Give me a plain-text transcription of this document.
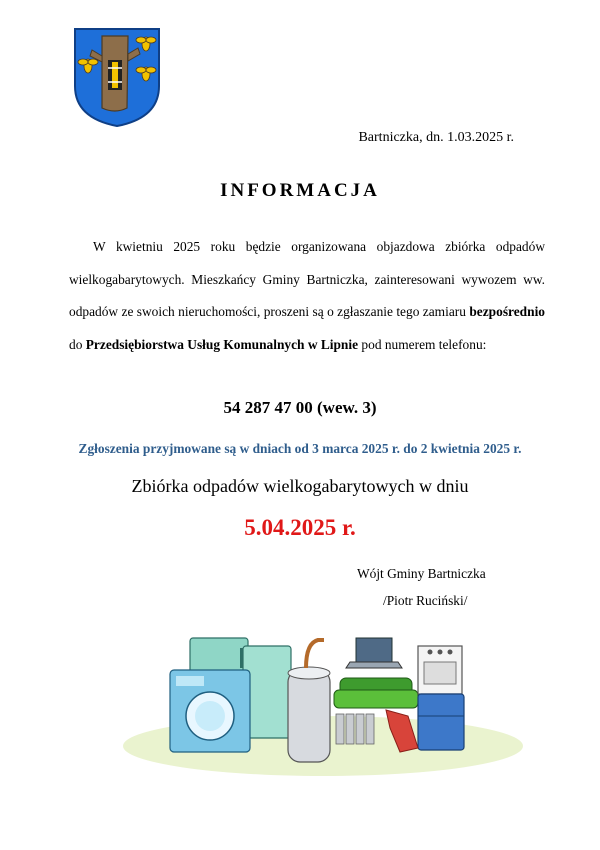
Bartniczka, dn. 1.03.2025 r.
INFORMACJA

W kwietniu 2025 roku będzie organizowana objazdowa zbiórka odpadów wielkogabarytowych. Mieszkańcy Gminy Bartniczka, zainteresowani wywozem ww. odpadów ze swoich nieruchomości, proszeni są o zgłaszanie tego zamiaru bezpośrednio do Przedsiębiorstwa Usług Komunalnych w Lipnie pod numerem telefonu:

54 287 47 00 (wew. 3)
Zgłoszenia przyjmowane są w dniach od 3 marca 2025 r. do 2 kwietnia 2025 r.
Zbiórka odpadów wielkogabarytowych w dniu
5.04.2025 r.
Wójt Gminy Bartniczka
/Piotr Ruciński/
